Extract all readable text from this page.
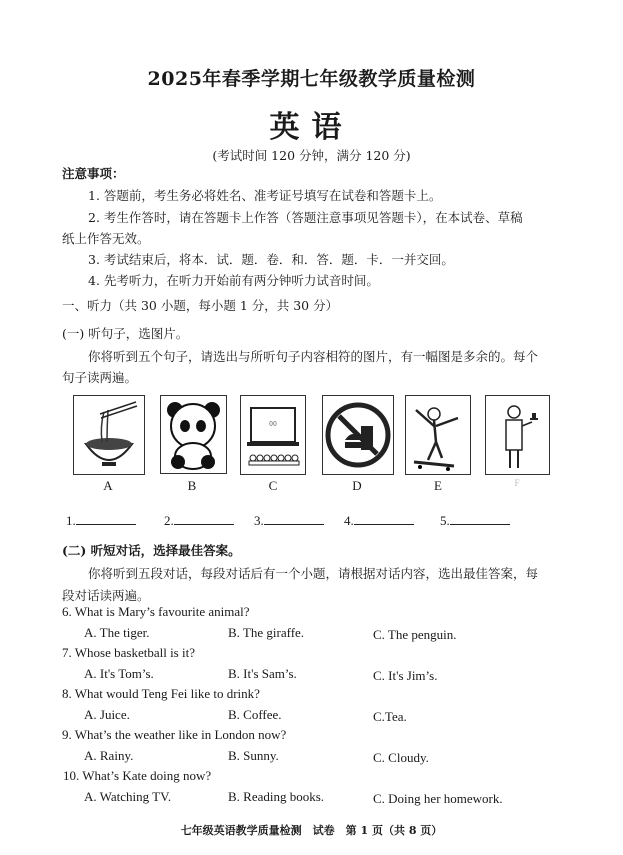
2025年春季学期七年级教学质量检测
英语
(考试时间 120 分钟，满分 120 分)
注意事项：
1. 答题前，考生务必将姓名、准考证号填写在试卷和答题卡上。
2. 考生作答时，请在答题卡上作答（答题注意事项见答题卡），在本试卷、草稿
纸上作答无效。
3. 考试结束后，将本．试．题．卷．和．答．题．卡．一并交回。
4. 先考听力，在听力开始前有两分钟听力试音时间。
一、听力（共 30 小题，每小题 1 分，共 30 分）
(一) 听句子，选图片。
你将听到五个句子，请选出与所听句子内容相符的图片，有一幅图是多余的。每个
句子读两遍。
00
A	B	C	D	E	F
1.	2.	3.	4.	5.
(二) 听短对话，选择最佳答案。
你将听到五段对话，每段对话后有一个小题，请根据对话内容，选出最佳答案，每
段对话读两遍。
6. What is Mary’s favourite animal?
A. The tiger.	B. The giraffe.	C. The penguin.
7. Whose basketball is it?
A. It's Tom’s.	B. It's Sam’s.	C. It's Jim’s.
8. What would Teng Fei like to drink?
A. Juice.	B. Coffee.	C.Tea.
9. What’s the weather like in London now?
A. Rainy.	B. Sunny.	C. Cloudy.
10. What’s Kate doing now?
A. Watching TV.	B. Reading books.	C. Doing her homework.
七年级英语教学质量检测　试卷　第 1 页（共 8 页）
